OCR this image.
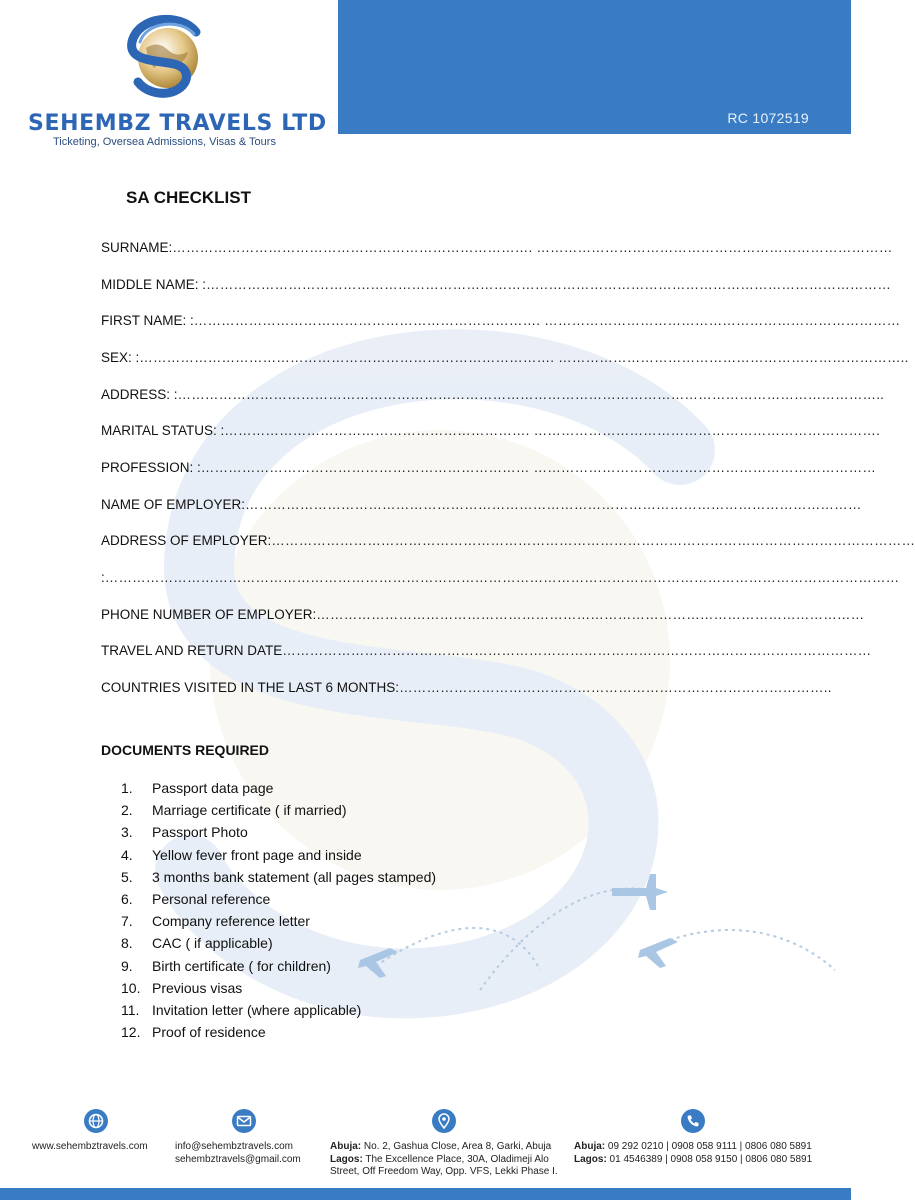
RC 1072519
SEHEMBZ TRAVELS LTD
Ticketing, Oversea Admissions, Visas & Tours
SA CHECKLIST
SURNAME: ……………………………………………………………………. ……………………………………………………………………
MIDDLE NAME: : ……………………………………………………………………………………………………………………………………
FIRST NAME: : …………………………………………………………………. ……………………………………………………………………
SEX: : ………………………………………………………………………………. …………………………………………………………………..
ADDRESS: : ………………………………………………………………………………………………………………………………………..
MARITAL STATUS: : …………………………………………………………. ………………………………………………………………….
PROFESSION: : ……………………………………………………………… …………………………………………………………………
NAME OF EMPLOYER: ………………………………………………………………………………………………………………………
ADDRESS OF EMPLOYER: ……………………………………………………………………………………………………………………………
: …………………………………………………………………………………………………………………………………………………………
PHONE NUMBER OF EMPLOYER: …………………………………………………………………………………………………………
TRAVEL AND RETURN DATE …………………………………………………………………………………………………………………
COUNTRIES VISITED IN THE LAST 6 MONTHS: …………………………………………………………………………………..
DOCUMENTS REQUIRED
1.	Passport data page
2.	Marriage certificate ( if married)
3.	Passport Photo
4.	Yellow fever front page and inside
5.	3 months bank statement (all pages stamped)
6.	Personal reference
7.	Company reference letter
8.	CAC ( if applicable)
9.	Birth certificate ( for children)
10. Previous visas
11. Invitation letter (where applicable)
12. Proof of residence
www.sehembztravels.com	info@sehembztravels.com
sehembztravels@gmail.com
Abuja: No. 2, Gashua Close, Area 8, Garki, Abuja
Lagos: The Excellence Place, 30A, Oladimeji Alo
Street, Off Freedom Way, Opp. VFS, Lekki Phase I.
Abuja: 09 292 0210 | 0908 058 9111 | 0806 080 5891
Lagos: 01 4546389 | 0908 058 9150 | 0806 080 5891
